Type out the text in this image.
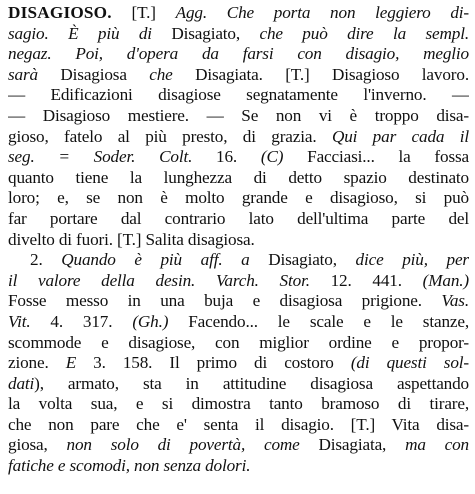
DISAGIOSO. [T.] Agg. Che porta non leggiero di-
sagio. È più di Disagiato, che può dire la sempl.
negaz. Poi, d'opera da farsi con disagio, meglio
sarà Disagiosa che Disagiata. [T.] Disagioso lavoro.
— Edificazioni disagiose segnatamente l'inverno. —
— Disagioso mestiere. — Se non vi è troppo disa-
gioso, fatelo al più presto, di grazia. Qui par cada il
seg. = Soder. Colt. 16. (C) Facciasi... la fossa
quanto tiene la lunghezza di detto spazio destinato
loro; e, se non è molto grande e disagioso, si può
far portare dal contrario lato dell'ultima parte del
divelto di fuori. [T.] Salita disagiosa.
2. Quando è più aff. a Disagiato, dice più, per
il valore della desin. Varch. Stor. 12. 441. (Man.)
Fosse messo in una buja e disagiosa prigione. Vas.
Vit. 4. 317. (Gh.) Facendo... le scale e le stanze,
scommode e disagiose, con miglior ordine e propor-
zione. E 3. 158. Il primo di costoro (di questi sol-
dati), armato, sta in attitudine disagiosa aspettando
la volta sua, e si dimostra tanto bramoso di tirare,
che non pare che e' senta il disagio. [T.] Vita disa-
giosa, non solo di povertà, come Disagiata, ma con
fatiche e scomodi, non senza dolori.
